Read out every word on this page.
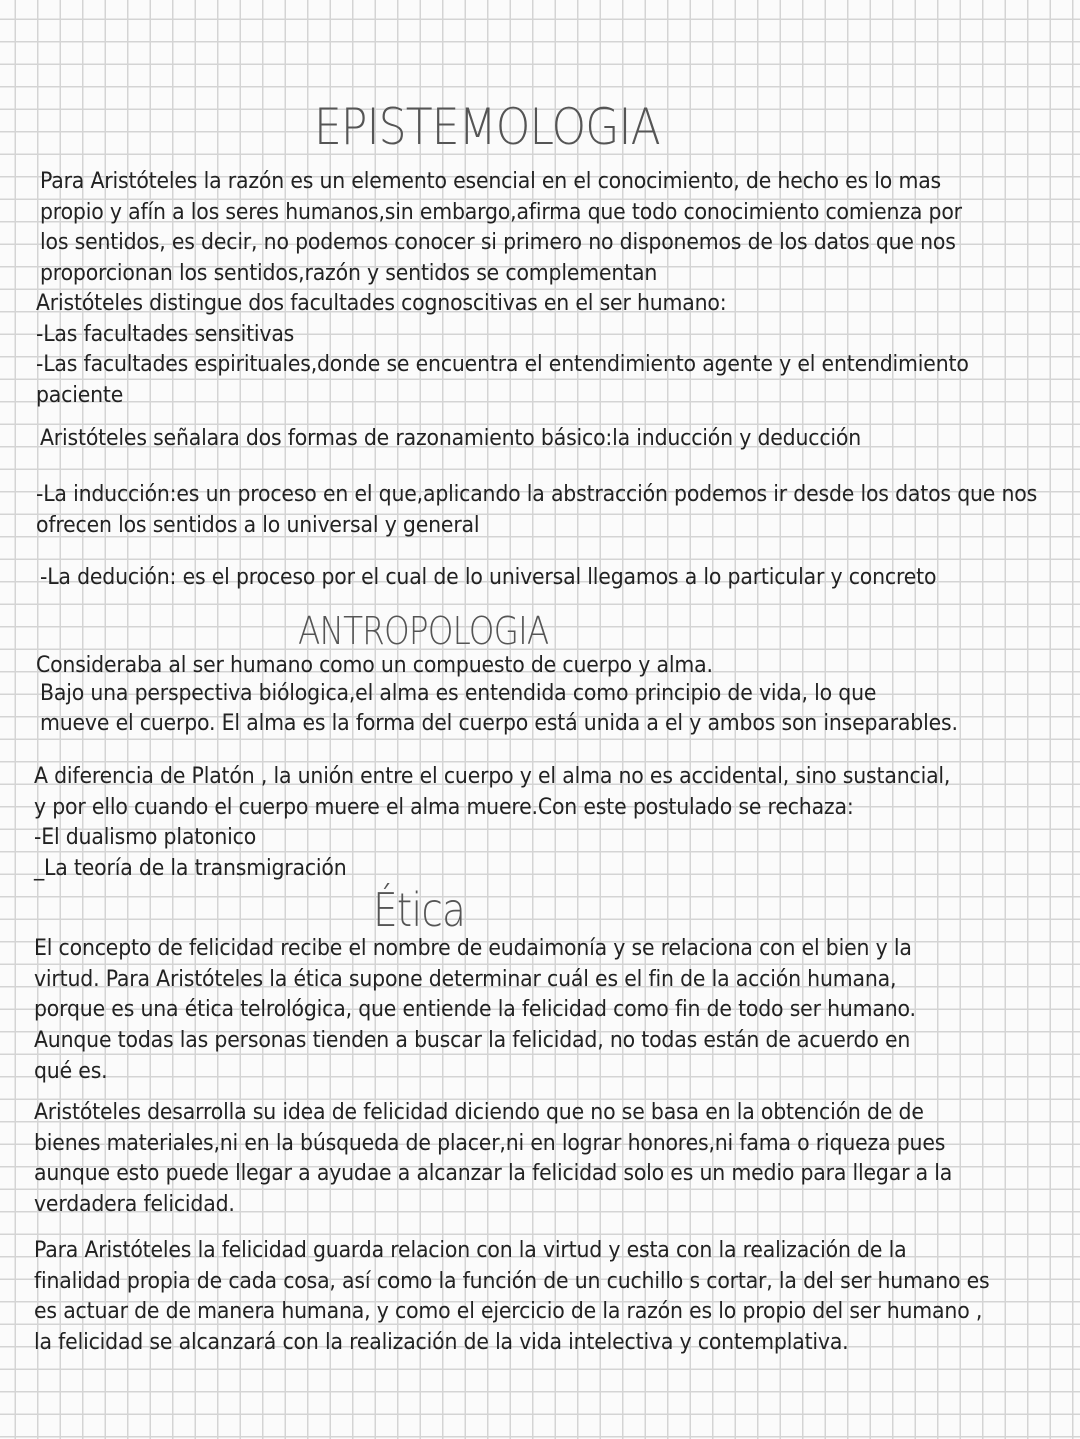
EPISTEMOLOGIA

Para Aristóteles la razón es un elemento esencial en el conocimiento, de hecho es lo mas

propio y afín a los seres humanos,sin embargo,afirma que todo conocimiento comienza por

los sentidos, es decir, no podemos conocer si primero no disponemos de los datos que nos

proporcionan los sentidos,razón y sentidos se complementan

Aristóteles distingue dos facultades cognoscitivas en el ser humano:

-Las facultades sensitivas

-Las facultades espirituales,donde se encuentra el entendimiento agente y el entendimiento

paciente

Aristóteles señalara dos formas de razonamiento básico:la inducción y deducción

-La inducción:es un proceso en el que,aplicando la abstracción podemos ir desde los datos que nos

ofrecen los sentidos a lo universal y general

-La dedución: es el proceso por el cual de lo universal llegamos a lo particular y concreto

ANTROPOLOGIA

Consideraba al ser humano como un compuesto de cuerpo y alma.

Bajo una perspectiva biólogica,el alma es entendida como principio de vida, lo que

mueve el cuerpo. El alma es la forma del cuerpo está unida a el y ambos son inseparables.

A diferencia de Platón , la unión entre el cuerpo y el alma no es accidental, sino sustancial,

y por ello cuando el cuerpo muere el alma muere.Con este postulado se rechaza:

-El dualismo platonico

_La teoría de la transmigración

Ética

El concepto de felicidad recibe el nombre de eudaimonía y se relaciona con el bien y la

virtud. Para Aristóteles la ética supone determinar cuál es el fin de la acción humana,

porque es una ética telrológica, que entiende la felicidad como fin de todo ser humano.

Aunque todas las personas tienden a buscar la felicidad, no todas están de acuerdo en

qué es.

Aristóteles desarrolla su idea de felicidad diciendo que no se basa en la obtención de de

bienes materiales,ni en la búsqueda de placer,ni en lograr honores,ni fama o riqueza pues

aunque esto puede llegar a ayudae a alcanzar la felicidad solo es un medio para llegar a la

verdadera felicidad.

Para Aristóteles la felicidad guarda relacion con la virtud y esta con la realización de la

finalidad propia de cada cosa, así como la función de un cuchillo s cortar, la del ser humano es

es actuar de de manera humana, y como el ejercicio de la razón es lo propio del ser humano ,

la felicidad se alcanzará con la realización de la vida intelectiva y contemplativa.
